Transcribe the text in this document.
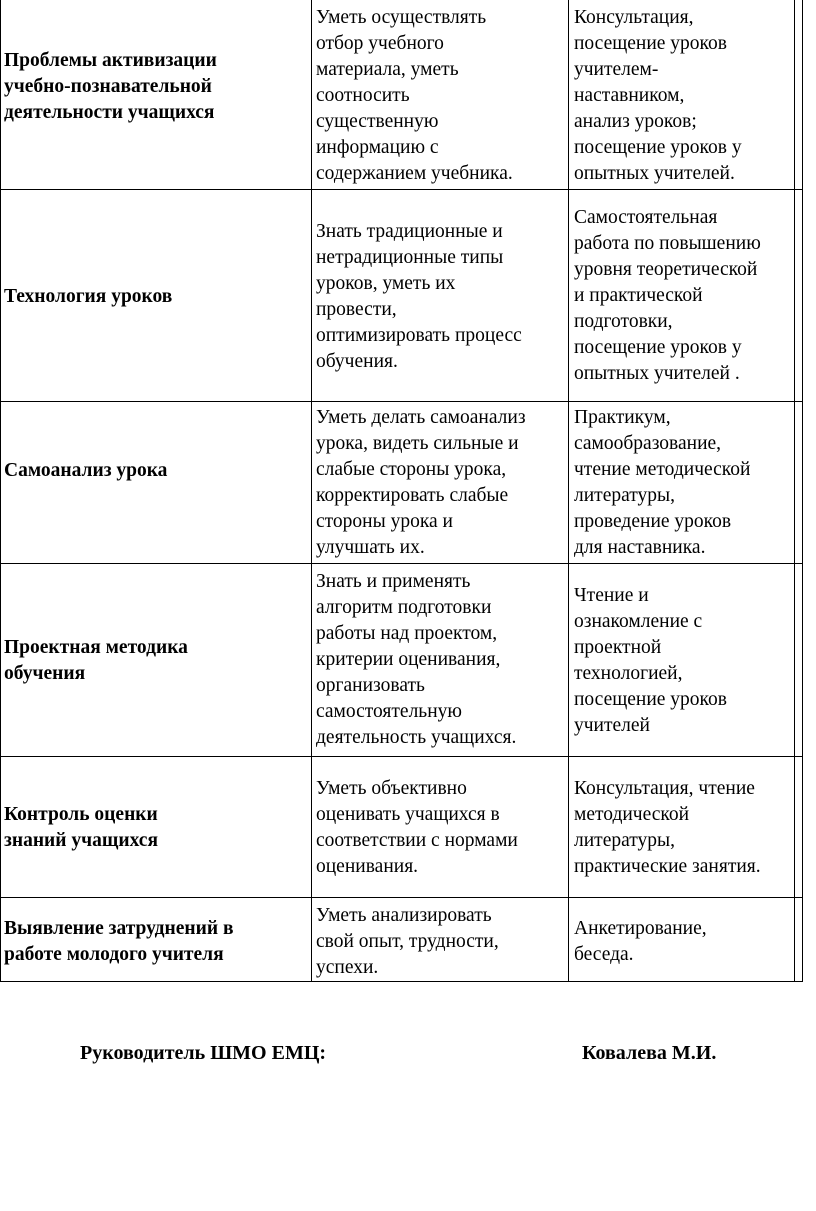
Проблемы активизации
учебно-познавательной
деятельности учащихся
Уметь осуществлять
отбор учебного
материала, уметь
соотносить
существенную
информацию с
содержанием учебника.
Консультация,
посещение уроков
учителем-
наставником,
анализ уроков;
посещение уроков у
опытных учителей.
Технология уроков
Знать традиционные и
нетрадиционные типы
уроков, уметь их
провести,
оптимизировать процесс
обучения.
Самостоятельная
работа по повышению
уровня теоретической
и практической
подготовки,
посещение уроков у
опытных учителей .
Самоанализ урока
Уметь делать самоанализ
урока, видеть сильные и
слабые стороны урока,
корректировать слабые
стороны урока и
улучшать их.
Практикум,
самообразование,
чтение методической
литературы,
проведение уроков
для наставника.
Проектная методика
обучения
Знать и применять
алгоритм подготовки
работы над проектом,
критерии оценивания,
организовать
самостоятельную
деятельность учащихся.
Чтение и
ознакомление с
проектной
технологией,
посещение уроков
учителей
Контроль оценки
знаний учащихся
Уметь объективно
оценивать учащихся в
соответствии с нормами
оценивания.
Консультация, чтение
методической
литературы,
практические занятия.
Выявление затруднений в
работе молодого учителя
Уметь анализировать
свой опыт, трудности,
успехи.
Анкетирование,
беседа.
Руководитель ШМО ЕМЦ:	Ковалева М.И.
